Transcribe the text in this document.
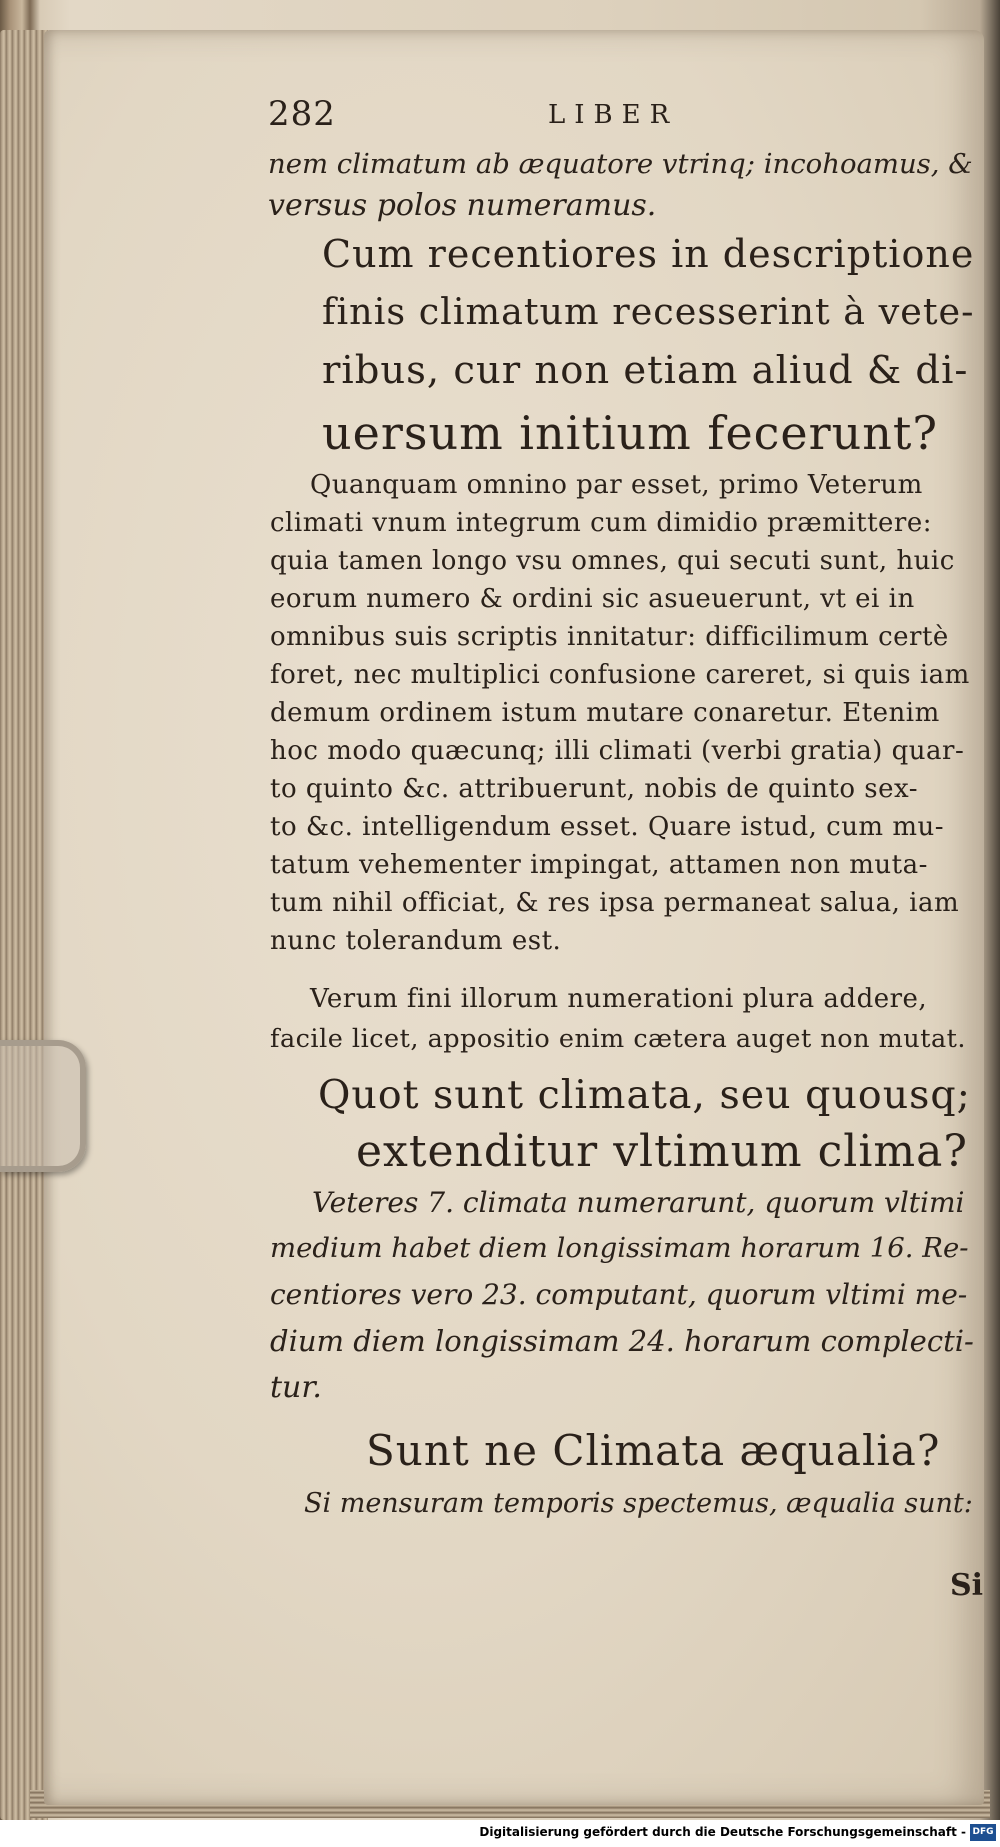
282	LIBER
nem climatum ab æquatore vtrinq; incohoamus, &
versus polos numeramus.
Cum recentiores in descriptione
finis climatum recesserint à vete-
ribus, cur non etiam aliud & di-
uersum initium fecerunt?
Quanquam omnino par esset, primo Veterum
climati vnum integrum cum dimidio præmittere:
quia tamen longo vsu omnes, qui secuti sunt, huic
eorum numero & ordini sic asueuerunt, vt ei in
omnibus suis scriptis innitatur: difficilimum certè
foret, nec multiplici confusione careret, si quis iam
demum ordinem istum mutare conaretur. Etenim
hoc modo quæcunq; illi climati (verbi gratia) quar-
to quinto &c. attribuerunt, nobis de quinto sex-
to &c. intelligendum esset. Quare istud, cum mu-
tatum vehementer impingat, attamen non muta-
tum nihil officiat, & res ipsa permaneat salua, iam
nunc tolerandum est.
Verum fini illorum numerationi plura addere,
facile licet, appositio enim cætera auget non mutat.
Quot sunt climata, seu quousq;
extenditur vltimum clima?
Veteres 7. climata numerarunt, quorum vltimi
medium habet diem longissimam horarum 16. Re-
centiores vero 23. computant, quorum vltimi me-
dium diem longissimam 24. horarum complecti-
tur.
Sunt ne Climata æqualia?
Si mensuram temporis spectemus, æqualia sunt:
Si
Digitalisierung gefördert durch die Deutsche Forschungsgemeinschaft - DFG
